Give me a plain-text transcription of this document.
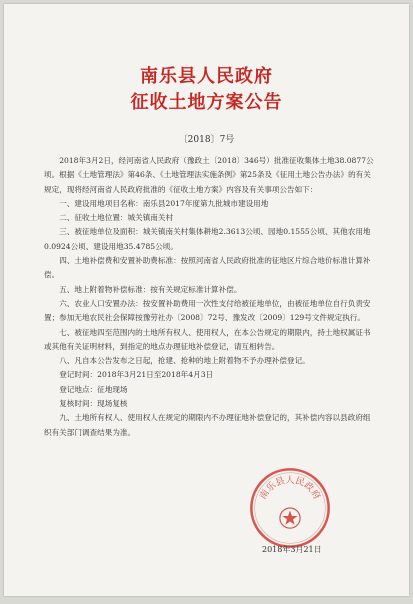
南乐县人民政府
征收土地方案公告
〔2018〕7号

2018年3月2日，经河南省人民政府（豫政土〔2018〕346号）批准征收集体土地38.0877公顷。根据《土地管理法》第46条、《土地管理法实施条例》第25条及《征用土地公告办法》的有关规定，现将经河南省人民政府批准的《征收土地方案》内容及有关事项公告如下：

一、建设用地项目名称：南乐县2017年度第九批城市建设用地

二、征收土地位置：城关镇南关村

三、被征地单位及面积：城关镇南关村集体耕地2.3613公顷、园地0.1555公顷、其他农用地0.0924公顷、建设用地35.4785公顷。

四、土地补偿费和安置补助费标准：按照河南省人民政府批准的征地区片综合地价标准计算补偿。

五、地上附着物补偿标准：按有关规定标准计算补偿。

六、农业人口安置办法：按安置补助费用一次性支付给被征地单位，由被征地单位自行负责安置；参加无地农民社会保障按豫劳社办〔2008〕72号、豫发改〔2009〕129号文件规定执行。

七、被征地四至范围内的土地所有权人、使用权人，在本公告规定的期限内，持土地权属证书或其他有关证明材料，到指定的地点办理征地补偿登记，请互相转告。

八、凡自本公告发布之日起，抢建、抢种的地上附着物不予办理补偿登记。

登记时间：2018年3月21日至2018年4月3日

登记地点：征地现场

复核时间：现场复核

九、土地所有权人、使用权人在规定的期限内不办理征地补偿登记的，其补偿内容以县政府组织有关部门调查结果为准。

南乐县人民政府
2018年3月21日
